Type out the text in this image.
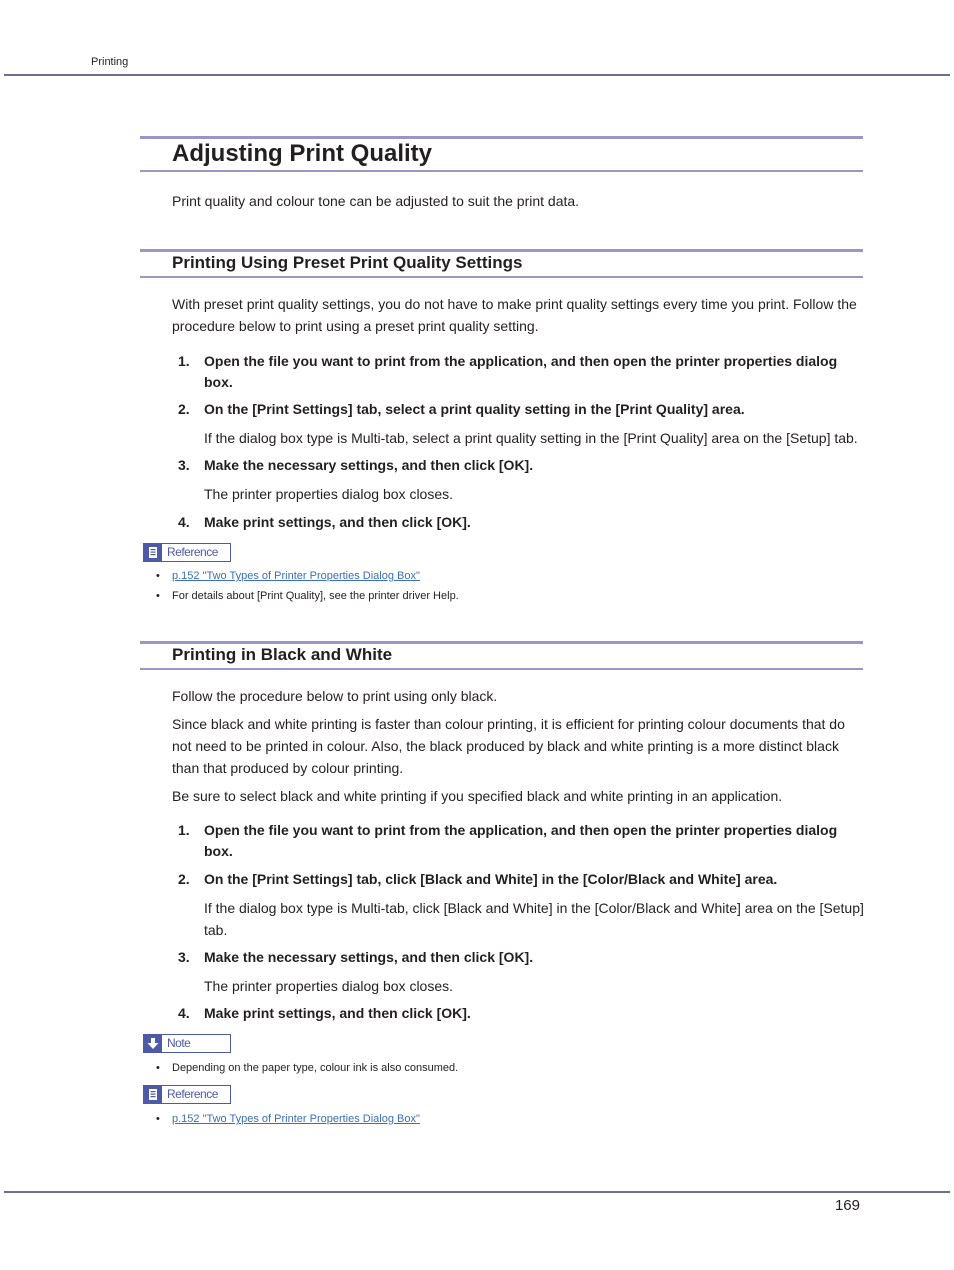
Printing
Adjusting Print Quality
Print quality and colour tone can be adjusted to suit the print data.
Printing Using Preset Print Quality Settings
With preset print quality settings, you do not have to make print quality settings every time you print. Follow the procedure below to print using a preset print quality setting.
1. Open the file you want to print from the application, and then open the printer properties dialog box.
2. On the [Print Settings] tab, select a print quality setting in the [Print Quality] area.
If the dialog box type is Multi-tab, select a print quality setting in the [Print Quality] area on the [Setup] tab.
3. Make the necessary settings, and then click [OK].
The printer properties dialog box closes.
4. Make print settings, and then click [OK].
Reference
• p.152 "Two Types of Printer Properties Dialog Box"
• For details about [Print Quality], see the printer driver Help.
Printing in Black and White
Follow the procedure below to print using only black.
Since black and white printing is faster than colour printing, it is efficient for printing colour documents that do not need to be printed in colour. Also, the black produced by black and white printing is a more distinct black than that produced by colour printing.
Be sure to select black and white printing if you specified black and white printing in an application.
1. Open the file you want to print from the application, and then open the printer properties dialog box.
2. On the [Print Settings] tab, click [Black and White] in the [Color/Black and White] area.
If the dialog box type is Multi-tab, click [Black and White] in the [Color/Black and White] area on the [Setup] tab.
3. Make the necessary settings, and then click [OK].
The printer properties dialog box closes.
4. Make print settings, and then click [OK].
Note
• Depending on the paper type, colour ink is also consumed.
Reference
• p.152 "Two Types of Printer Properties Dialog Box"
169
